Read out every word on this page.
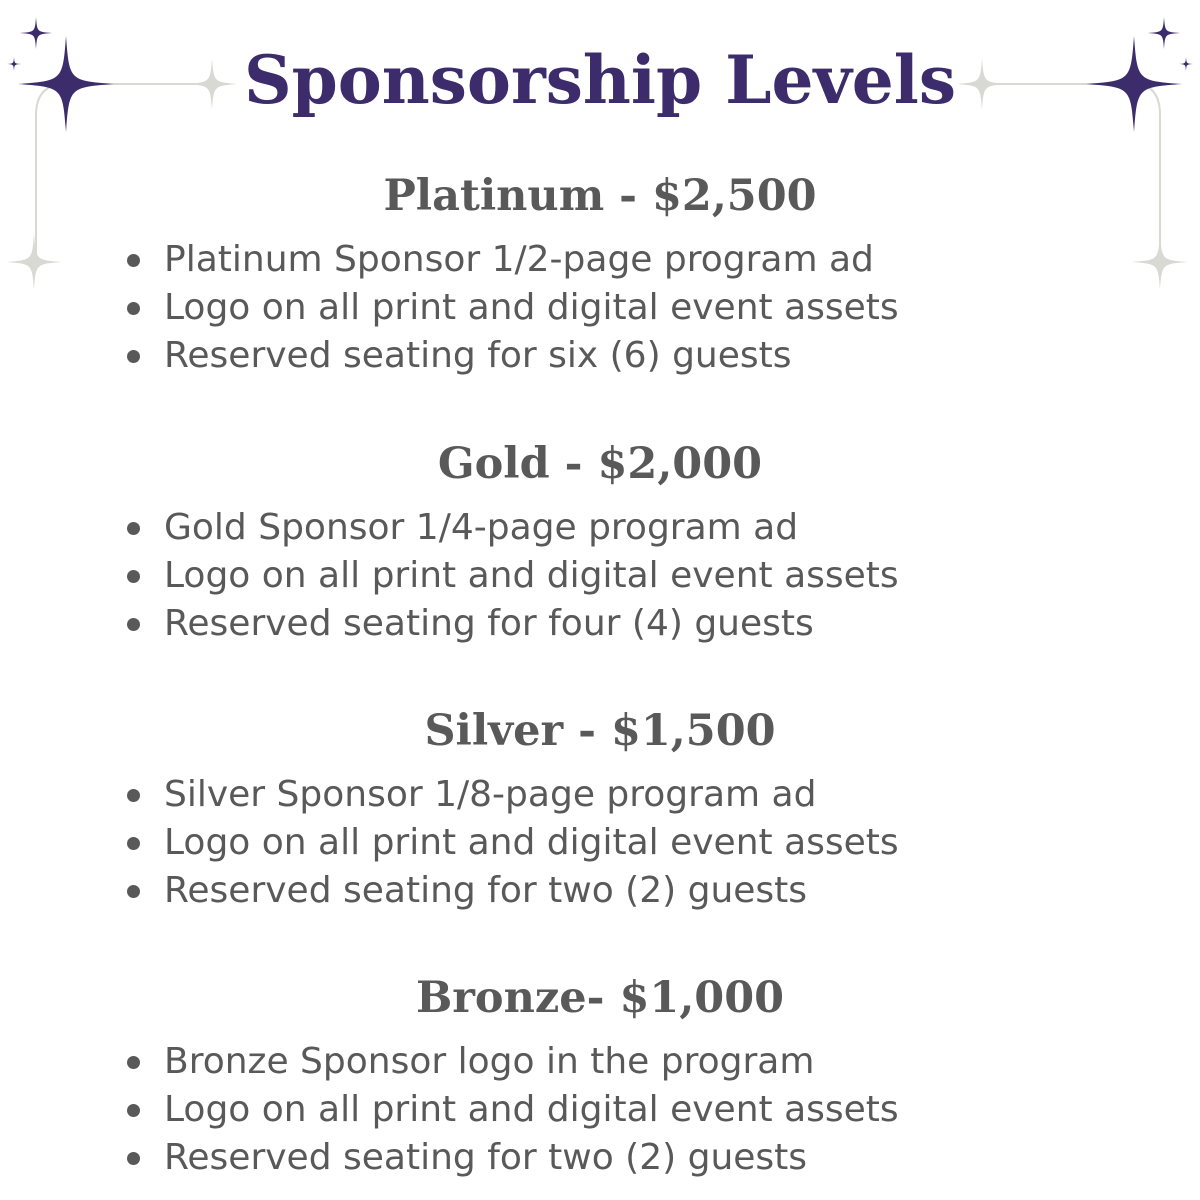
Sponsorship Levels
Platinum - $2,500
Platinum Sponsor 1/2-page program ad
Logo on all print and digital event assets
Reserved seating for six (6) guests
Gold - $2,000
Gold Sponsor 1/4-page program ad
Logo on all print and digital event assets
Reserved seating for four (4) guests
Silver - $1,500
Silver Sponsor 1/8-page program ad
Logo on all print and digital event assets
Reserved seating for two (2) guests
Bronze- $1,000
Bronze Sponsor logo in the program
Logo on all print and digital event assets
Reserved seating for two (2) guests
